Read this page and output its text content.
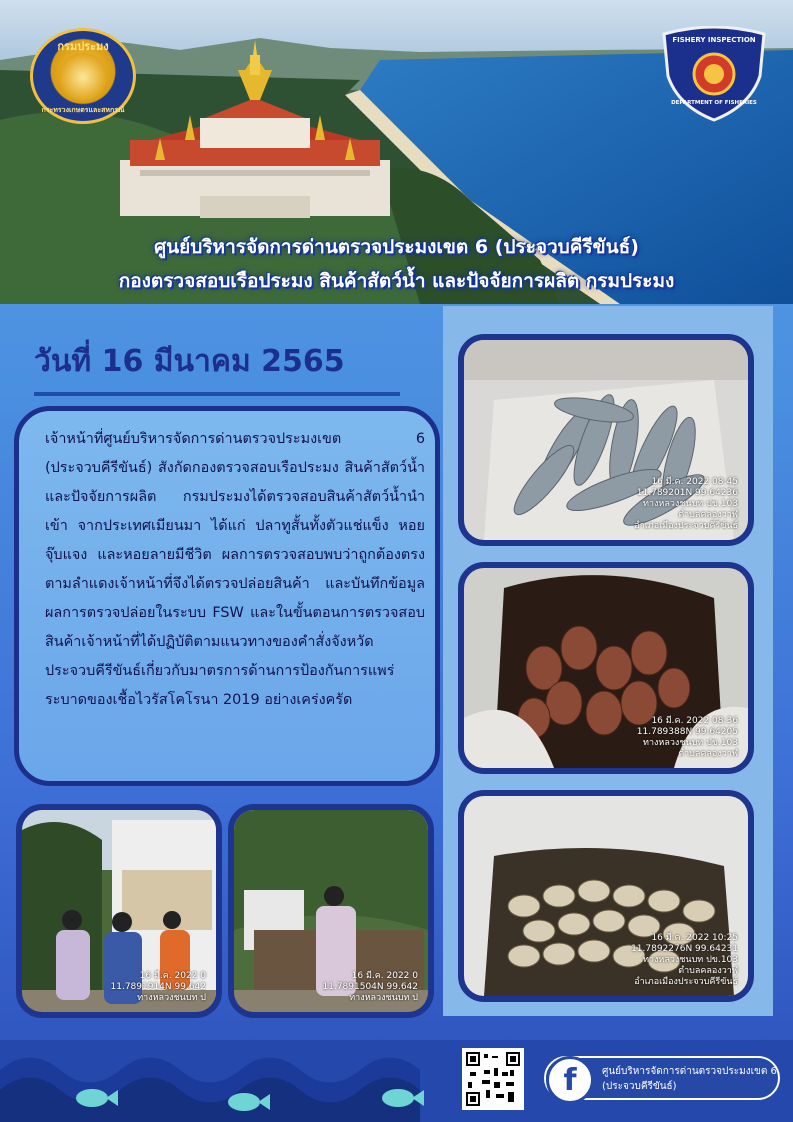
กรมประมง
กระทรวงเกษตรและสหกรณ์
FISHERY INSPECTION
DEPARTMENT OF FISHERIES
ศูนย์บริหารจัดการด่านตรวจประมงเขต 6 (ประจวบคีรีขันธ์)
กองตรวจสอบเรือประมง สินค้าสัตว์น้ำ และปัจจัยการผลิต กรมประมง
วันที่ 16 มีนาคม 2565

เจ้าหน้าที่ศูนย์บริหารจัดการด่านตรวจประมงเขต 6 (ประจวบคีรีขันธ์) สังกัดกองตรวจสอบเรือประมง สินค้าสัตว์น้ำ และปัจจัยการผลิต กรมประมงได้ตรวจสอบสินค้าสัตว์น้ำนำเข้า จากประเทศเมียนมา ได้แก่ ปลาทูสั้นทั้งตัวแช่แข็ง หอยจุ๊บแจง และหอยลายมีชีวิต ผลการตรวจสอบพบว่าถูกต้องตรงตามลำแดงเจ้าหน้าที่จึงได้ตรวจปล่อยสินค้า และบันทึกข้อมูลผลการตรวจปล่อยในระบบ FSW และในขั้นตอนการตรวจสอบสินค้าเจ้าหน้าที่ได้ปฏิบัติตามแนวทางของคำสั่งจังหวัดประจวบคีรีขันธ์เกี่ยวกับมาตรการด้านการป้องกันการแพร่ระบาดของเชื้อไวรัสโคโรนา 2019 อย่างเคร่งครัด

16 มี.ค. 2022 08:45
11.789201N 99.64236
ทางหลวงชนบท ปข.103
ตำบลคลองวาฬ
อำเภอเมืองประจวบคีรีขันธ์
16 มี.ค. 2022 08:36
11.789388N 99.64205
ทางหลวงชนบท ปข.103
ตำบลคลองวาฬ
16 มี.ค. 2022 10:25
11.7892276N 99.64231
ทางหลวงชนบท ปข.103
ตำบลคลองวาฬ
อำเภอเมืองประจวบคีรีขันธ์
16 มี.ค. 2022 0
11.7891914N 99.642
ทางหลวงชนบท ป
16 มี.ค. 2022 0
11.7891504N 99.642
ทางหลวงชนบท ป
f	ศูนย์บริหารจัดการด่านตรวจประมงเขต 6
(ประจวบคีรีขันธ์)
